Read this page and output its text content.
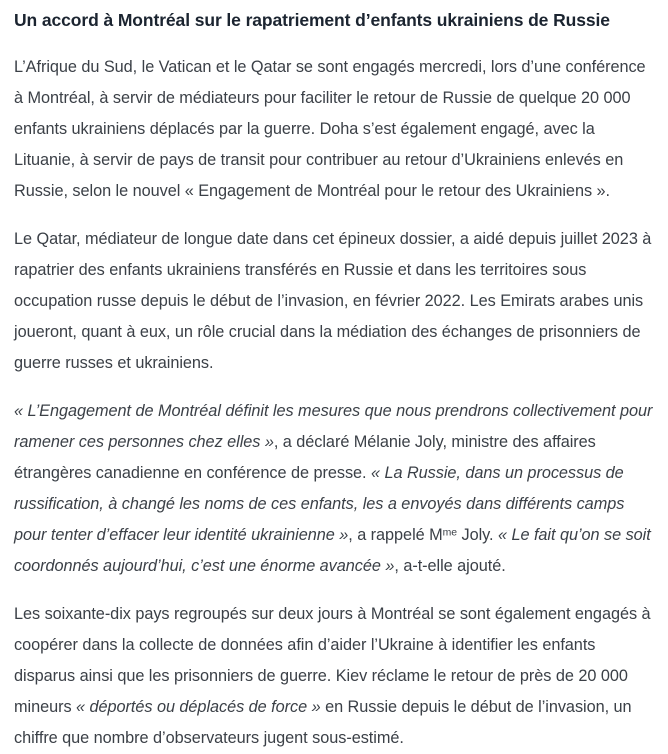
Un accord à Montréal sur le rapatriement d’enfants ukrainiens de Russie

L’Afrique du Sud, le Vatican et le Qatar se sont engagés mercredi, lors d’une conférence à Montréal, à servir de médiateurs pour faciliter le retour de Russie de quelque 20 000 enfants ukrainiens déplacés par la guerre. Doha s’est également engagé, avec la Lituanie, à servir de pays de transit pour contribuer au retour d’Ukrainiens enlevés en Russie, selon le nouvel « Engagement de Montréal pour le retour des Ukrainiens ».

Le Qatar, médiateur de longue date dans cet épineux dossier, a aidé depuis juillet 2023 à rapatrier des enfants ukrainiens transférés en Russie et dans les territoires sous occupation russe depuis le début de l’invasion, en février 2022. Les Emirats arabes unis joueront, quant à eux, un rôle crucial dans la médiation des échanges de prisonniers de guerre russes et ukrainiens.

« L’Engagement de Montréal définit les mesures que nous prendrons collectivement pour ramener ces personnes chez elles », a déclaré Mélanie Joly, ministre des affaires étrangères canadienne en conférence de presse. « La Russie, dans un processus de russification, à changé les noms de ces enfants, les a envoyés dans différents camps pour tenter d’effacer leur identité ukrainienne », a rappelé $M^{me}$ Joly. « Le fait qu’on se soit coordonnés aujourd’hui, c’est une énorme avancée », a-t-elle ajouté.

Les soixante-dix pays regroupés sur deux jours à Montréal se sont également engagés à coopérer dans la collecte de données afin d’aider l’Ukraine à identifier les enfants disparus ainsi que les prisonniers de guerre. Kiev réclame le retour de près de 20 000 mineurs « déportés ou déplacés de force » en Russie depuis le début de l’invasion, un chiffre que nombre d’observateurs jugent sous-estimé.
